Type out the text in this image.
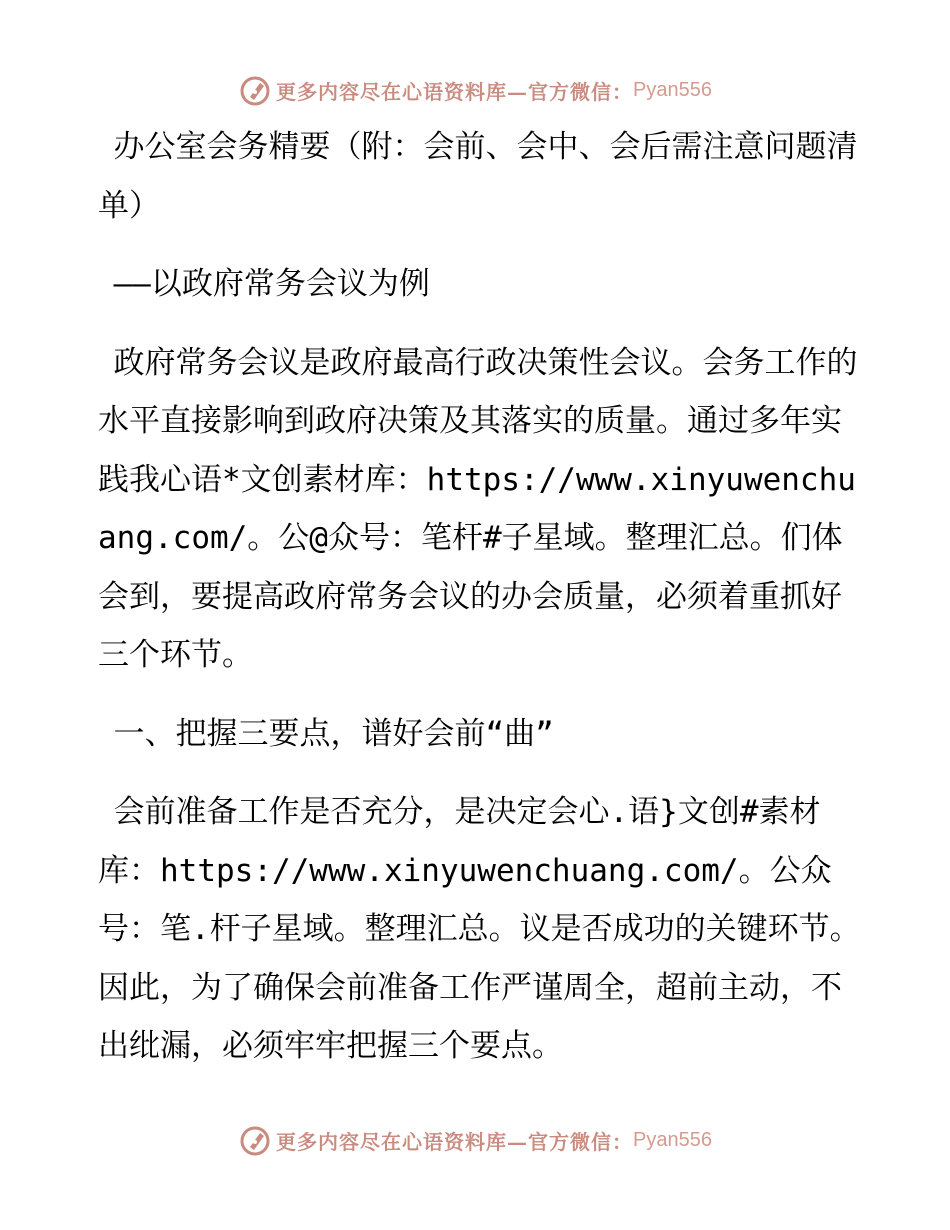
更多内容尽在心语资料库—官方微信： Pyan556

办公室会务精要（附：会前、会中、会后需注意问题清单）

——以政府常务会议为例

政府常务会议是政府最高行政决策性会议。会务工作的水平直接影响到政府决策及其落实的质量。通过多年实践我心语*文创素材库：https://www.xinyuwenchuang.com/。公@众号：笔杆#子星域。整理汇总。们体会到，要提高政府常务会议的办会质量，必须着重抓好三个环节。

一、把握三要点，谱好会前“曲”

会前准备工作是否充分，是决定会心.语}文创#素材库：https://www.xinyuwenchuang.com/。公众号：笔.杆子星域。整理汇总。议是否成功的关键环节。因此，为了确保会前准备工作严谨周全，超前主动，不出纰漏，必须牢牢把握三个要点。

更多内容尽在心语资料库—官方微信： Pyan556
